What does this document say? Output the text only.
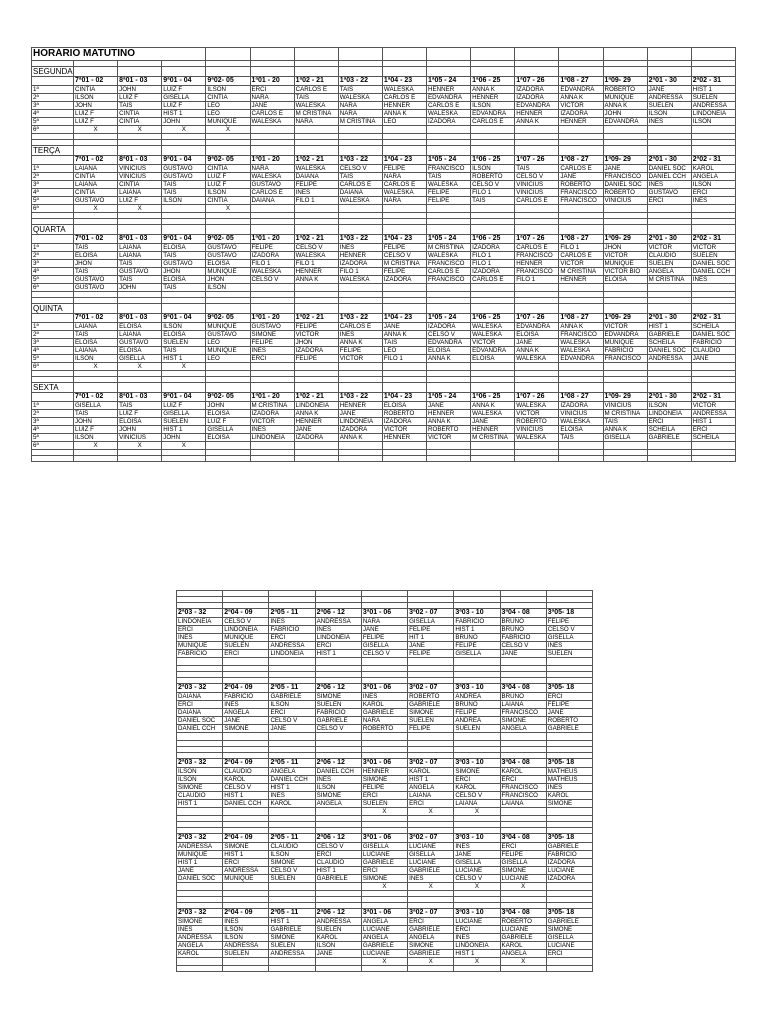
HORÁRIO MATUTINO															

SEGUNDA															
	7ª01 - 02	8ª01 - 03	9ª01 - 04	9ª02- 05	1ª01 - 20	1ª02 - 21	1ª03 - 22	1ª04 - 23	1ª05 - 24	1ª06 - 25	1ª07 - 26	1ª08 - 27	1ª09- 29	2ª01 - 30	2ª02 - 31
1ª	CINTIA	JOHN	LUIZ F	ILSON	ERCI	CARLOS E	TAIS	WALESKA	HENNER	ANNA K	IZADORA	EDVANDRA	ROBERTO	JANE	HIST 1
2ª	ILSON	LUIZ F	GISELLA	CINTIA	NARA	TAIS	WALESKA	CARLOS E	EDVANDRA	HENNER	IZADORA	ANNA K	MUNIQUE	ANDRESSA	SUELEN
3ª	JOHN	TAIS	LUIZ F	LEO	JANE	WALESKA	NARA	HENNER	CARLOS E	ILSON	EDVANDRA	VICTOR	ANNA K	SUELEN	ANDRESSA
4ª	LUIZ F	CINTIA	HIST 1	LEO	CARLOS E	M CRISTINA	NARA	ANNA K	WALESKA	EDVANDRA	HENNER	IZADORA	JOHN	ILSON	LINDONEIA
5ª	LUIZ F	CINTIA	JOHN	MUNIQUE	WALESKA	NARA	M CRISTINA	LEO	IZADORA	CARLOS E	ANNA K	HENNER	EDVANDRA	INES	ILSON
6ª	X	X	X	X											

TERÇA															
	7ª01 - 02	8ª01 - 03	9ª01 - 04	9ª02- 05	1ª01 - 20	1ª02 - 21	1ª03 - 22	1ª04 - 23	1ª05 - 24	1ª06 - 25	1ª07 - 26	1ª08 - 27	1ª09- 29	2ª01 - 30	2ª02 - 31
1ª	LAIANA	VINICIUS	GUSTAVO	CINTIA	NARA	WALESKA	CELSO V	FELIPE	FRANCISCO	ILSON	TAIS	CARLOS E	JANE	DANIEL SOC	KAROL
2ª	CINTIA	VINICIUS	GUSTAVO	LUIZ F	WALESKA	DAIANA	TAIS	NARA	TAIS	ROBERTO	CELSO V	JANE	FRANCISCO	DANIEL CCH	ANGELA
3ª	LAIANA	CINTIA	TAIS	LUIZ F	GUSTAVO	FELIPE	CARLOS E	CARLOS E	WALESKA	CELSO V	VINICIUS	ROBERTO	DANIEL SOC	INES	ILSON
4ª	CINTIA	LAIANA	TAIS	ILSON	CARLOS E	INES	DAIANA	WALESKA	FELIPE	FILO 1	VINICIUS	FRANCISCO	ROBERTO	GUSTAVO	ERCI
5ª	GUSTAVO	LUIZ F	ILSON	CINTIA	DAIANA	FILO 1	WALESKA	NARA	FELIPE	TAIS	CARLOS E	FRANCISCO	VINICIUS	ERCI	INES
6ª	X	X		X											

QUARTA															
	7ª01 - 02	8ª01 - 03	9ª01 - 04	9ª02- 05	1ª01 - 20	1ª02 - 21	1ª03 - 22	1ª04 - 23	1ª05 - 24	1ª06 - 25	1ª07 - 26	1ª08 - 27	1ª09- 29	2ª01 - 30	2ª02 - 31
1ª	TAIS	LAIANA	ELOISA	GUSTAVO	FELIPE	CELSO V	INES	FELIPE	M CRISTINA	IZADORA	CARLOS E	FILO 1	JHON	VICTOR	VICTOR
2ª	ELOISA	LAIANA	TAIS	GUSTAVO	IZADORA	WALESKA	HENNER	CELSO V	WALESKA	FILO 1	FRANCISCO	CARLOS E	VICTOR	CLAUDIO	SUELEN
3ª	JHON	TAIS	GUSTAVO	ELOISA	FILO 1	FILO 1	IZADORA	M CRISTINA	FRANCISCO	FILO 1	HENNER	VICTOR	MUNIQUE	SUELEN	DANIEL SOC
4ª	TAIS	GUSTAVO	JHON	MUNIQUE	WALESKA	HENNER	FILO 1	FELIPE	CARLOS E	IZADORA	FRANCISCO	M CRISTINA	VICTOR BIO	ANGELA	DANIEL CCH
5ª	GUSTAVO	TAIS	ELOISA	JHON	CELSO V	ANNA K	WALESKA	IZADORA	FRANCISCO	CARLOS E	FILO 1	HENNER	ELOISA	M CRISTINA	INES
6ª	GUSTAVO	JOHN	TAIS	ILSON											

QUINTA															
	7ª01 - 02	8ª01 - 03	9ª01 - 04	9ª02- 05	1ª01 - 20	1ª02 - 21	1ª03 - 22	1ª04 - 23	1ª05 - 24	1ª06 - 25	1ª07 - 26	1ª08 - 27	1ª09- 29	2ª01 - 30	2ª02 - 31
1ª	LAIANA	ELOISA	ILSON	MUNIQUE	GUSTAVO	FELIPE	CARLOS E	JANE	IZADORA	WALESKA	EDVANDRA	ANNA K	VICTOR	HIST 1	SCHEILA
2ª	TAIS	LAIANA	ELOISA	GUSTAVO	SIMONE	VICTOR	INES	ANNA K	CELSO V	WALESKA	ELOISA	FRANCISCO	EDVANDRA	GABRIELE	DANIEL SOC
3ª	ELOISA	GUSTAVO	SUELEN	LEO	FELIPE	JHON	ANNA K	TAIS	EDVANDRA	VICTOR	JANE	WALESKA	MUNIQUE	SCHEILA	FABRICIO
4ª	LAIANA	ELOISA	TAIS	MUNIQUE	INES	IZADORA	FELIPE	LEO	ELOISA	EDVANDRA	ANNA K	WALESKA	FABRICIO	DANIEL SOC	CLAUDIO
5ª	ILSON	GISELLA	HIST 1	LEO	ERCI	FELIPE	VICTOR	FILO 1	ANNA K	ELOISA	WALESKA	EDVANDRA	FRANCISCO	ANDRESSA	JANE
6ª	X	X	X												

SEXTA															
	7ª01 - 02	8ª01 - 03	9ª01 - 04	9ª02- 05	1ª01 - 20	1ª02 - 21	1ª03 - 22	1ª04 - 23	1ª05 - 24	1ª06 - 25	1ª07 - 26	1ª08 - 27	1ª09- 29	2ª01 - 30	2ª02 - 31
1ª	GISELLA	TAIS	LUIZ F	JOHN	M CRISTINA	LINDONEIA	HENNER	ELOISA	JANE	ANNA K	WALESKA	IZADORA	VINICIUS	ILSON	VICTOR
2ª	TAIS	LUIZ F	GISELLA	ELOISA	IZADORA	ANNA K	JANE	ROBERTO	HENNER	WALESKA	VICTOR	VINICIUS	M CRISTINA	LINDONEIA	ANDRESSA
3ª	JOHN	ELOISA	SUELEN	LUIZ F	VICTOR	HENNER	LINDONEIA	IZADORA	ANNA K	JANE	ROBERTO	WALESKA	TAIS	ERCI	HIST 1
4ª	LUIZ F	JOHN	HIST 1	GISELLA	INES	JANE	IZADORA	VICTOR	ROBERTO	HENNER	VINICIUS	ELOISA	ANNA K	SCHEILA	ERCI
5ª	ILSON	VINICIUS	JOHN	ELOISA	LINDONEIA	IZADORA	ANNA K	HENNER	VICTOR	M CRISTINA	WALESKA	TAIS	GISELLA	GABRIELE	SCHEILA
6ª	X	X	X												

2ª03 - 32	2ª04 - 09	2ª05 - 11	2ª06 - 12	3ª01 - 06	3ª02 - 07	3ª03 - 10	3ª04 - 08	3ª05- 18
LINDONEIA	CELSO V	INES	ANDRESSA	NARA	GISELLA	FABRICIO	BRUNO	FELIPE
ERCI	LINDONEIA	FABRICIO	INES	JANE	FELIPE	HIST 1	BRUNO	CELSO V
INES	MUNIQUE	ERCI	LINDONEIA	FELIPE	HIT 1	BRUNO	FABRICIO	GISELLA
MUNIQUE	SUELEN	ANDRESSA	ERCI	GISELLA	JANE	FELIPE	CELSO V	INES
FABRICIO	ERCI	LINDONEIA	HIST 1	CELSO V	FELIPE	GISELLA	JANE	SUELEN

2ª03 - 32	2ª04 - 09	2ª05 - 11	2ª06 - 12	3ª01 - 06	3ª02 - 07	3ª03 - 10	3ª04 - 08	3ª05- 18
DAIANA	FABRICIO	GABRIELE	SIMONE	INES	ROBERTO	ANDREA	BRUNO	ERCI
ERCI	INES	ILSON	SUELEN	KAROL	GABRIELE	BRUNO	LAIANA	FELIPE
DAIANA	ANGELA	ERCI	FABRICIO	GABRIELE	SIMONE	FELIPE	FRANCISCO	JANE
DANIEL SOC	JANE	CELSO V	GABRIELE	NARA	SUELEN	ANDREA	SIMONE	ROBERTO
DANIEL CCH	SIMONE	JANE	CELSO V	ROBERTO	FELIPE	SUELEN	ANGELA	GABRIELE

2ª03 - 32	2ª04 - 09	2ª05 - 11	2ª06 - 12	3ª01 - 06	3ª02 - 07	3ª03 - 10	3ª04 - 08	3ª05- 18
ILSON	CLAUDIO	ANGELA	DANIEL CCH	HENNER	KAROL	SIMONE	KAROL	MATHEUS
ILSON	KAROL	DANIEL CCH	INES	SIMONE	HIST 1	ERCI	ERCI	MATHEUS
SIMONE	CELSO V	HIST 1	ILSON	FELIPE	ANGELA	KAROL	FRANCISCO	INES
CLAUDIO	HIST 1	INES	SIMONE	ERCI	LAIANA	CELSO V	FRANCISCO	KAROL
HIST 1	DANIEL CCH	KAROL	ANGELA	SUELEN	ERCI	LAIANA	LAIANA	SIMONE
				X	X	X		

2ª03 - 32	2ª04 - 09	2ª05 - 11	2ª06 - 12	3ª01 - 06	3ª02 - 07	3ª03 - 10	3ª04 - 08	3ª05- 18
ANDRESSA	SIMONE	CLAUDIO	CELSO V	GISELLA	LUCIANE	INES	ERCI	GABRIELE
MUNIQUE	HIST 1	ILSON	ERCI	LUCIANE	GISELLA	JANE	FELIPE	FABRICIO
HIST 1	ERCI	SIMONE	CLAUDIO	GABRIELE	LUCIANE	GISELLA	GISELLA	IZADORA
JANE	ANDRESSA	CELSO V	HIST 1	ERCI	GABRIELE	LUCIANE	SIMONE	LUCIANE
DANIEL SOC	MUNIQUE	SUELEN	GABRIELE	SIMONE	INES	CELSO V	LUCIANE	IZADORA
				X	X	X	X	

2ª03 - 32	2ª04 - 09	2ª05 - 11	2ª06 - 12	3ª01 - 06	3ª02 - 07	3ª03 - 10	3ª04 - 08	3ª05- 18
SIMONE	INES	HIST 1	ANDRESSA	ANGELA	ERCI	LUCIANE	ROBERTO	GABRIELE
INES	ILSON	GABRIELE	SUELEN	LUCIANE	GABRIELE	ERCI	LUCIANE	SIMONE
ANDRESSA	ILSON	SIMONE	KAROL	ANGELA	ANGELA	INES	GABRIELE	GISELLA
ANGELA	ANDRESSA	SUELEN	ILSON	GABRIELE	SIMONE	LINDONEIA	KAROL	LUCIANE
KAROL	SUELEN	ANDRESSA	JANE	LUCIANE	GABRIELE	HIST 1	ANGELA	ERCI
				X	X	X	X	
